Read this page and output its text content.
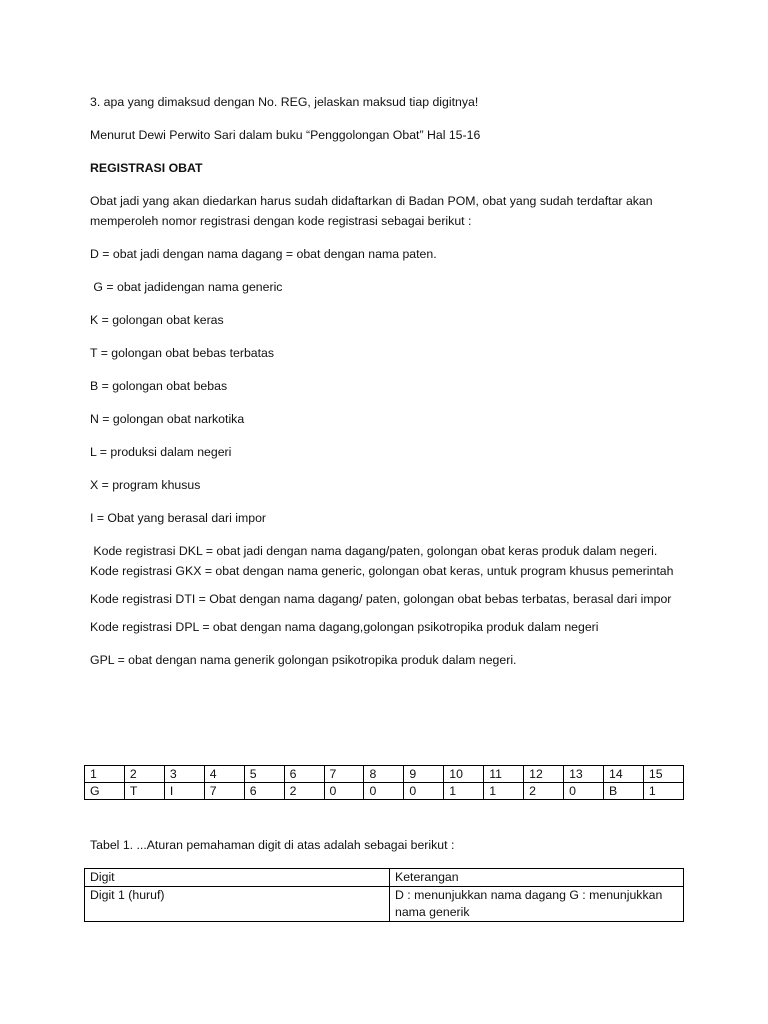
3. apa yang dimaksud dengan No. REG, jelaskan maksud tiap digitnya!

Menurut Dewi Perwito Sari dalam buku “Penggolongan Obat” Hal 15-16

REGISTRASI OBAT

Obat jadi yang akan diedarkan harus sudah didaftarkan di Badan POM, obat yang sudah terdaftar akan memperoleh nomor registrasi dengan kode registrasi sebagai berikut :

D = obat jadi dengan nama dagang = obat dengan nama paten.

G = obat jadidengan nama generic

K = golongan obat keras

T = golongan obat bebas terbatas

B = golongan obat bebas

N = golongan obat narkotika

L = produksi dalam negeri

X = program khusus

I = Obat yang berasal dari impor

Kode registrasi DKL = obat jadi dengan nama dagang/paten, golongan obat keras produk dalam negeri.

Kode registrasi GKX = obat dengan nama generic, golongan obat keras, untuk program khusus pemerintah

Kode registrasi DTI = Obat dengan nama dagang/ paten, golongan obat bebas terbatas, berasal dari impor

Kode registrasi DPL = obat dengan nama dagang,golongan psikotropika produk dalam negeri

GPL = obat dengan nama generik golongan psikotropika produk dalam negeri.

1	2	3	4	5	6	7	8	9	10	11	12	13	14	15
G	T	I	7	6	2	0	0	0	1	1	2	0	B	1

Tabel 1. ...Aturan pemahaman digit di atas adalah sebagai berikut :

Digit	Keterangan
Digit 1 (huruf)	D : menunjukkan nama dagang G : menunjukkan nama generik
